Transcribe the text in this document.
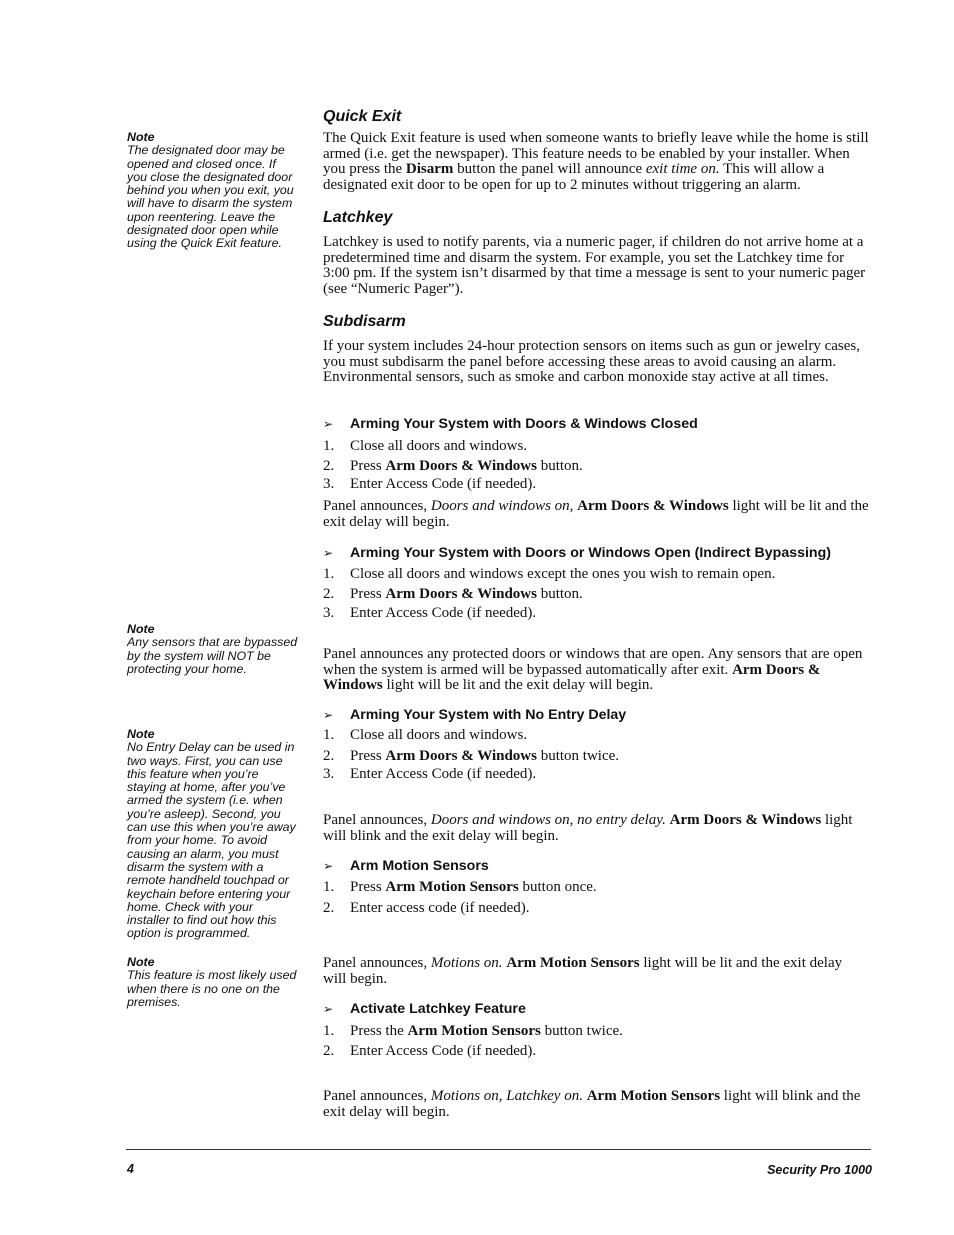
Note
The designated door may be opened and closed once. If you close the designated door behind you when you exit, you will have to disarm the system upon reentering. Leave the designated door open while using the Quick Exit feature.
Note
Any sensors that are bypassed by the system will NOT be protecting your home.
Note
No Entry Delay can be used in two ways. First, you can use this feature when you’re staying at home, after you’ve armed the system (i.e. when you’re asleep). Second, you can use this when you’re away from your home. To avoid causing an alarm, you must disarm the system with a remote handheld touchpad or keychain before entering your home. Check with your installer to find out how this option is programmed.
Note
This feature is most likely used when there is no one on the premises.
Quick Exit

The Quick Exit feature is used when someone wants to briefly leave while the home is still armed (i.e. get the newspaper). This feature needs to be enabled by your installer. When you press the Disarm button the panel will announce exit time on. This will allow a designated exit door to be open for up to 2 minutes without triggering an alarm.

Latchkey

Latchkey is used to notify parents, via a numeric pager, if children do not arrive home at a predetermined time and disarm the system. For example, you set the Latchkey time for 3:00 pm. If the system isn’t disarmed by that time a message is sent to your numeric pager (see “Numeric Pager”).

Subdisarm

If your system includes 24-hour protection sensors on items such as gun or jewelry cases, you must subdisarm the panel before accessing these areas to avoid causing an alarm. Environmental sensors, such as smoke and carbon monoxide stay active at all times.

➢ Arming Your System with Doors & Windows Closed
1. Close all doors and windows.
2. Press Arm Doors & Windows button.
3. Enter Access Code (if needed).

Panel announces, Doors and windows on, Arm Doors & Windows light will be lit and the exit delay will begin.

➢ Arming Your System with Doors or Windows Open (Indirect Bypassing)
1. Close all doors and windows except the ones you wish to remain open.
2. Press Arm Doors & Windows button.
3. Enter Access Code (if needed).

Panel announces any protected doors or windows that are open. Any sensors that are open when the system is armed will be bypassed automatically after exit. Arm Doors & Windows light will be lit and the exit delay will begin.

➢ Arming Your System with No Entry Delay
1. Close all doors and windows.
2. Press Arm Doors & Windows button twice.
3. Enter Access Code (if needed).

Panel announces, Doors and windows on, no entry delay. Arm Doors & Windows light will blink and the exit delay will begin.

➢ Arm Motion Sensors
1. Press Arm Motion Sensors button once.
2. Enter access code (if needed).

Panel announces, Motions on. Arm Motion Sensors light will be lit and the exit delay will begin.

➢ Activate Latchkey Feature
1. Press the Arm Motion Sensors button twice.
2. Enter Access Code (if needed).

Panel announces, Motions on, Latchkey on. Arm Motion Sensors light will blink and the exit delay will begin.

4	Security Pro 1000
